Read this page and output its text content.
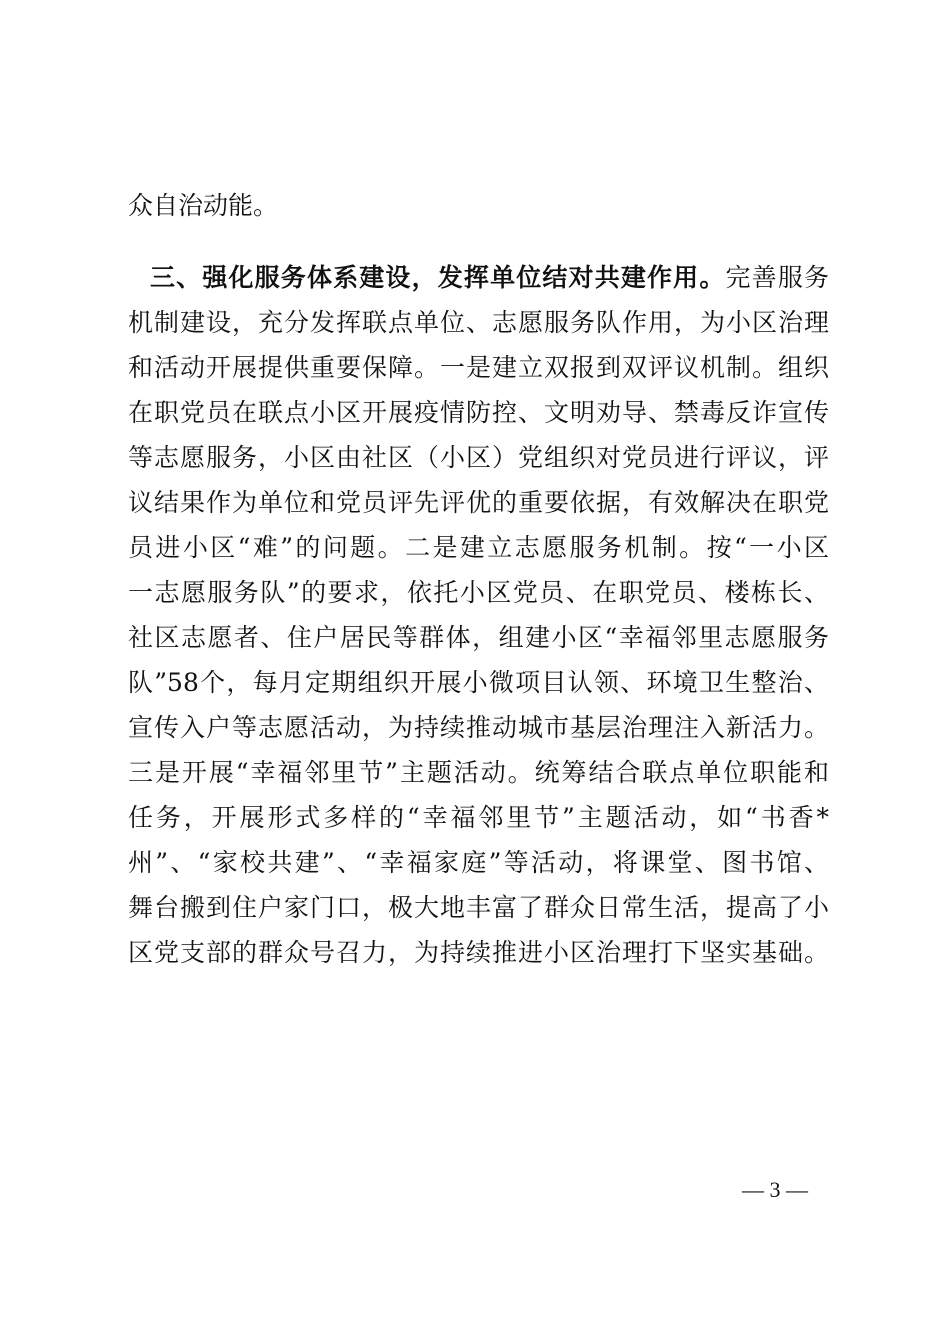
众自治动能。
三、强化服务体系建设，发挥单位结对共建作用。完善服务
机制建设，充分发挥联点单位、志愿服务队作用，为小区治理
和活动开展提供重要保障。一是建立双报到双评议机制。组织
在职党员在联点小区开展疫情防控、文明劝导、禁毒反诈宣传
等志愿服务，小区由社区（小区）党组织对党员进行评议，评
议结果作为单位和党员评先评优的重要依据，有效解决在职党
员进小区“难”的问题。二是建立志愿服务机制。按“一小区
一志愿服务队”的要求，依托小区党员、在职党员、楼栋长、
社区志愿者、住户居民等群体，组建小区“幸福邻里志愿服务
队”58个，每月定期组织开展小微项目认领、环境卫生整治、
宣传入户等志愿活动，为持续推动城市基层治理注入新活力。
三是开展“幸福邻里节”主题活动。统筹结合联点单位职能和
任务，开展形式多样的“幸福邻里节”主题活动，如“书香*
州”、“家校共建”、“幸福家庭”等活动，将课堂、图书馆、
舞台搬到住户家门口，极大地丰富了群众日常生活，提高了小
区党支部的群众号召力，为持续推进小区治理打下坚实基础。
— 3 —
